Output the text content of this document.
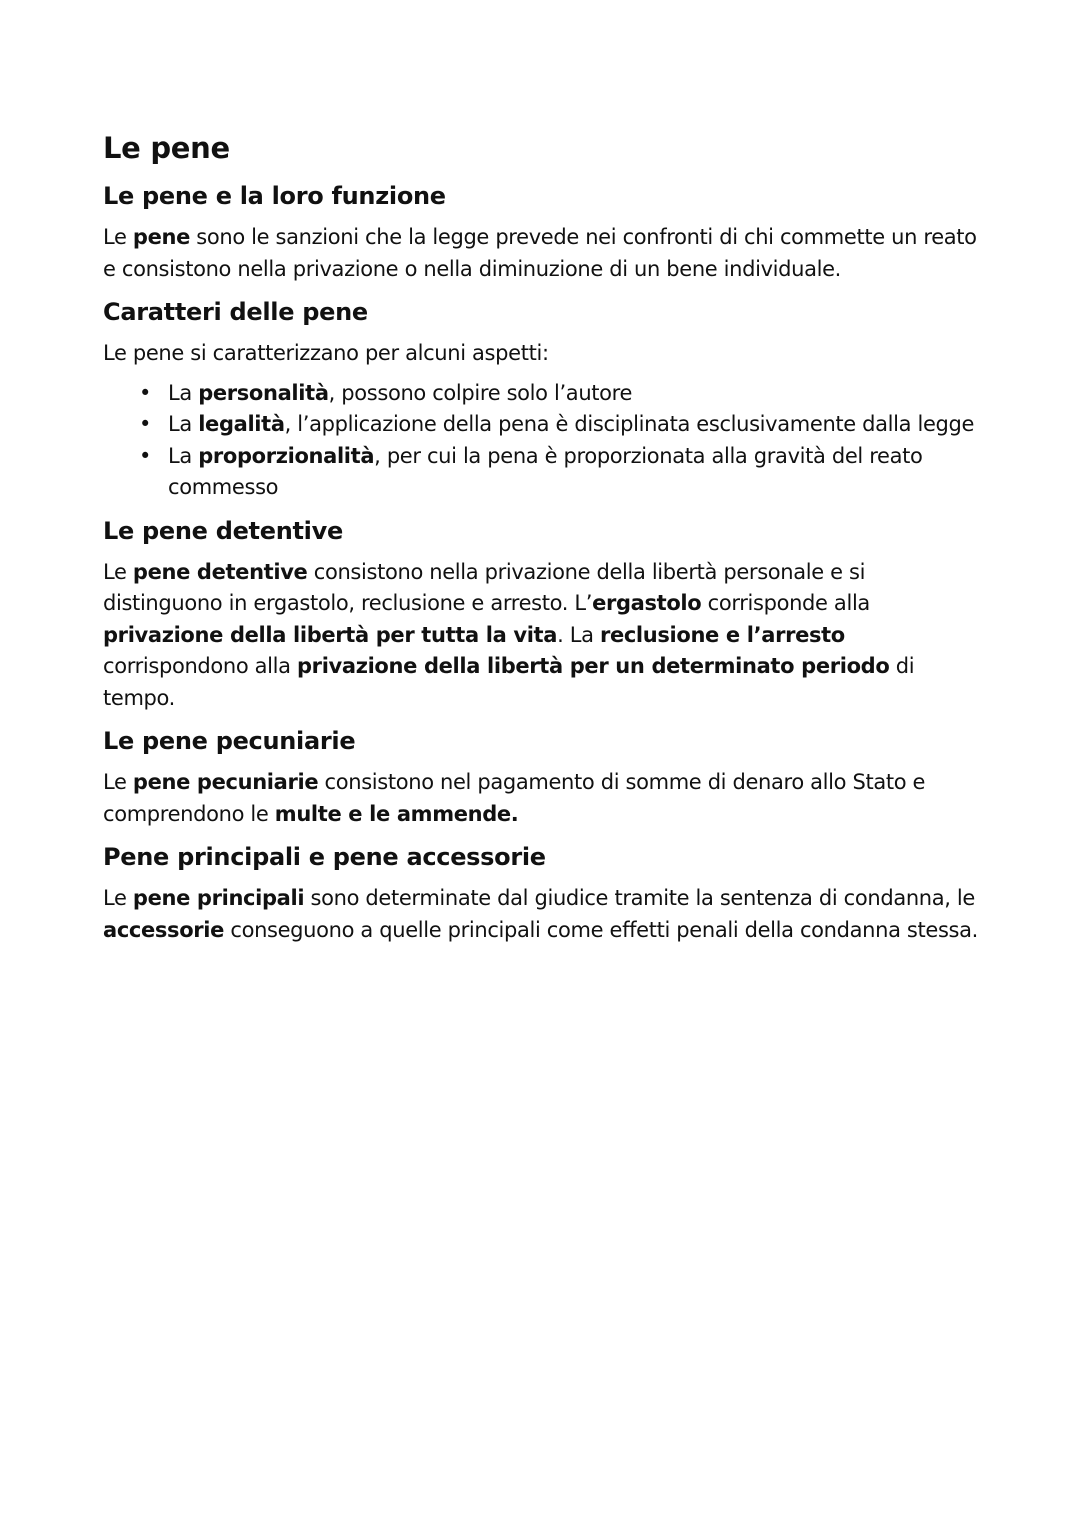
Le pene
Le pene e la loro funzione

Le pene sono le sanzioni che la legge prevede nei confronti di chi commette un reato e consistono nella privazione o nella diminuzione di un bene individuale.

Caratteri delle pene

Le pene si caratterizzano per alcuni aspetti:

• La personalità, possono colpire solo l’autore
• La legalità, l’applicazione della pena è disciplinata esclusivamente dalla legge
• La proporzionalità, per cui la pena è proporzionata alla gravità del reato commesso
Le pene detentive

Le pene detentive consistono nella privazione della libertà personale e si distinguono in ergastolo, reclusione e arresto. L’ergastolo corrisponde alla privazione della libertà per tutta la vita. La reclusione e l’arresto corrispondono alla privazione della libertà per un determinato periodo di tempo.

Le pene pecuniarie

Le pene pecuniarie consistono nel pagamento di somme di denaro allo Stato e comprendono le multe e le ammende.

Pene principali e pene accessorie

Le pene principali sono determinate dal giudice tramite la sentenza di condanna, le accessorie conseguono a quelle principali come effetti penali della condanna stessa.
